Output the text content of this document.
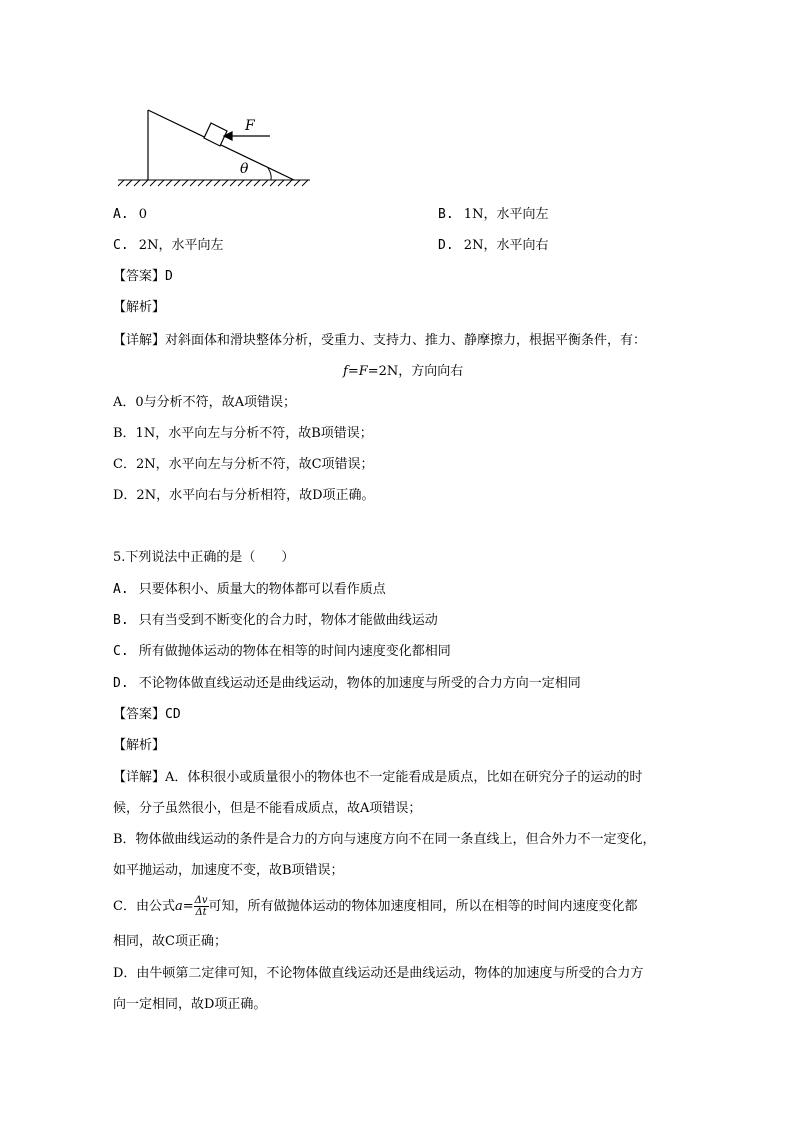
F
θ
A. 0	B. 1N，水平向左
C. 2N，水平向左	D. 2N，水平向右
【答案】D
【解析】
【详解】对斜面体和滑块整体分析，受重力、支持力、推力、静摩擦力，根据平衡条件，有：
f=F=2N，方向向右
A．0与分析不符，故A项错误；
B．1N，水平向左与分析不符，故B项错误；
C．2N，水平向左与分析不符，故C项错误；
D．2N，水平向右与分析相符，故D项正确。
5.下列说法中正确的是（　　）
A. 只要体积小、质量大的物体都可以看作质点
B. 只有当受到不断变化的合力时，物体才能做曲线运动
C. 所有做抛体运动的物体在相等的时间内速度变化都相同
D. 不论物体做直线运动还是曲线运动，物体的加速度与所受的合力方向一定相同
【答案】CD
【解析】
【详解】A．体积很小或质量很小的物体也不一定能看成是质点，比如在研究分子的运动的时
候，分子虽然很小，但是不能看成质点，故A项错误；
B．物体做曲线运动的条件是合力的方向与速度方向不在同一条直线上，但合外力不一定变化，
如平抛运动，加速度不变，故B项错误；
C．由公式$a= \frac{\Delta v}{\Delta t}$ 可知，所有做抛体运动的物体加速度相同，所以在相等的时间内速度变化都
相同，故C项正确；
D．由牛顿第二定律可知，不论物体做直线运动还是曲线运动，物体的加速度与所受的合力方
向一定相同，故D项正确。
